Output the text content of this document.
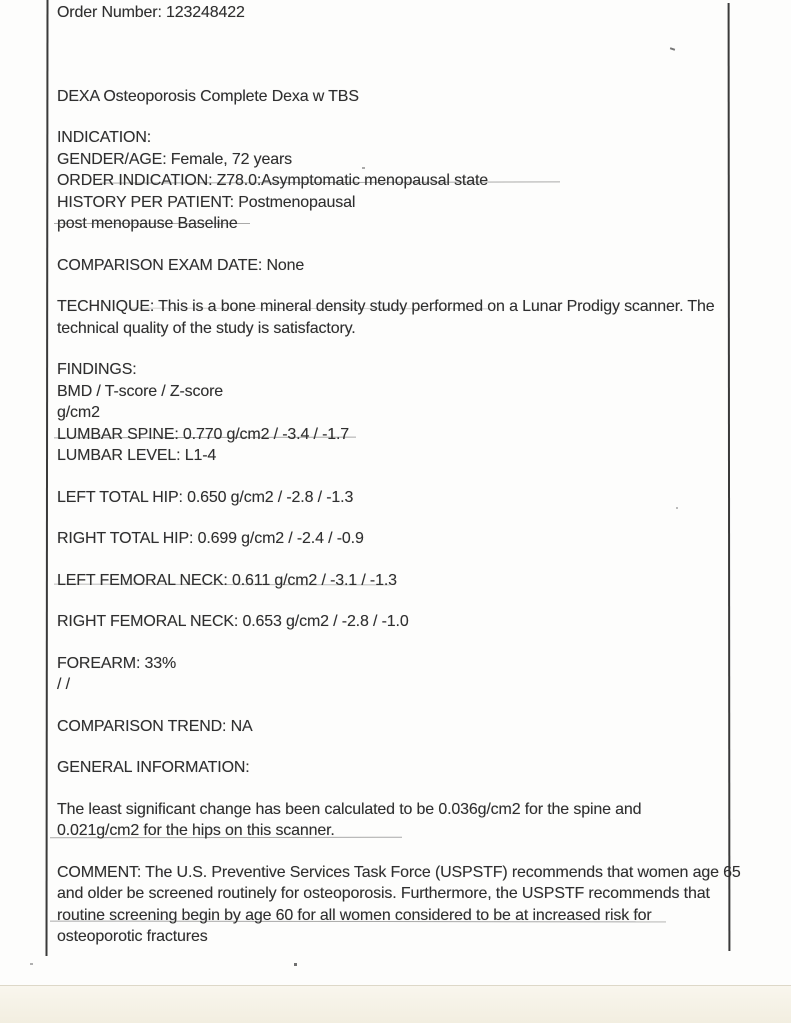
Order Number: 123248422
DEXA Osteoporosis Complete Dexa w TBS
INDICATION:
GENDER/AGE: Female, 72 years
ORDER INDICATION: Z78.0:Asymptomatic menopausal state
HISTORY PER PATIENT: Postmenopausal
post menopause Baseline
COMPARISON EXAM DATE: None
TECHNIQUE: This is a bone mineral density study performed on a Lunar Prodigy scanner. The
technical quality of the study is satisfactory.
FINDINGS:
BMD / T-score / Z-score
g/cm2
LUMBAR SPINE: 0.770 g/cm2 / -3.4 / -1.7
LUMBAR LEVEL: L1-4
LEFT TOTAL HIP: 0.650 g/cm2 / -2.8 / -1.3
RIGHT TOTAL HIP: 0.699 g/cm2 / -2.4 / -0.9
LEFT FEMORAL NECK: 0.611 g/cm2 / -3.1 / -1.3
RIGHT FEMORAL NECK: 0.653 g/cm2 / -2.8 / -1.0
FOREARM: 33%
/ /
COMPARISON TREND: NA
GENERAL INFORMATION:
The least significant change has been calculated to be 0.036g/cm2 for the spine and
0.021g/cm2 for the hips on this scanner.
COMMENT: The U.S. Preventive Services Task Force (USPSTF) recommends that women age 65
and older be screened routinely for osteoporosis. Furthermore, the USPSTF recommends that
routine screening begin by age 60 for all women considered to be at increased risk for
osteoporotic fractures
